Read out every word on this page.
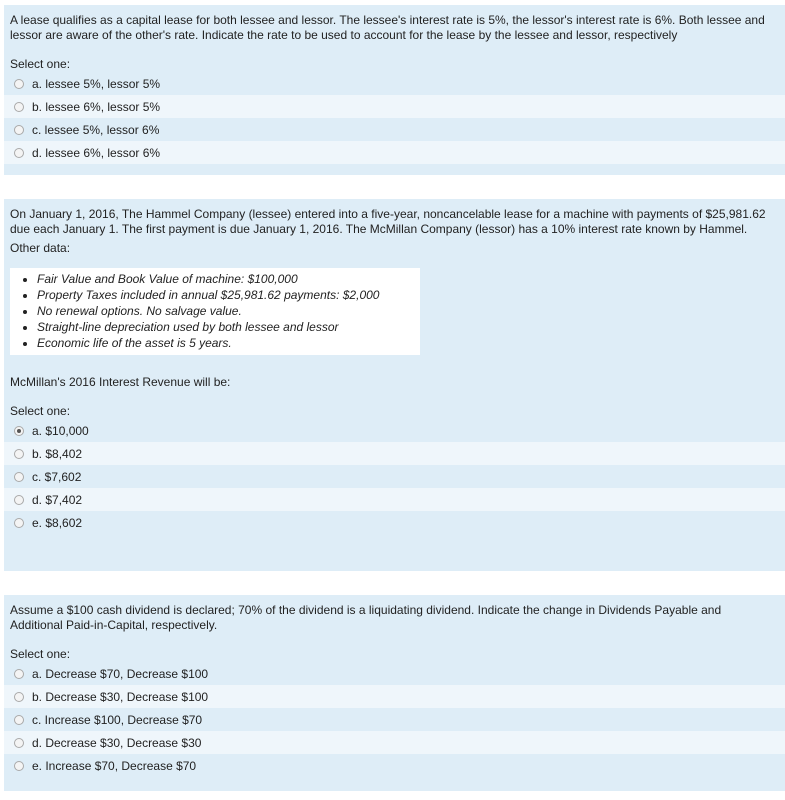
A lease qualifies as a capital lease for both lessee and lessor. The lessee's interest rate is 5%, the lessor's interest rate is 6%. Both lessee and lessor are aware of the other's rate. Indicate the rate to be used to account for the lease by the lessee and lessor, respectively
Select one:
a. lessee 5%, lessor 5%
b. lessee 6%, lessor 5%
c. lessee 5%, lessor 6%
d. lessee 6%, lessor 6%
On January 1, 2016, The Hammel Company (lessee) entered into a five-year, noncancelable lease for a machine with payments of $25,981.62 due each January 1. The first payment is due January 1, 2016. The McMillan Company (lessor) has a 10% interest rate known by Hammel.
Other data:
• Fair Value and Book Value of machine: $100,000
• Property Taxes included in annual $25,981.62 payments: $2,000
• No renewal options. No salvage value.
• Straight-line depreciation used by both lessee and lessor
• Economic life of the asset is 5 years.
McMillan's 2016 Interest Revenue will be:
Select one:
a. $10,000
b. $8,402
c. $7,602
d. $7,402
e. $8,602
Assume a $100 cash dividend is declared; 70% of the dividend is a liquidating dividend. Indicate the change in Dividends Payable and Additional Paid-in-Capital, respectively.
Select one:
a. Decrease $70, Decrease $100
b. Decrease $30, Decrease $100
c. Increase $100, Decrease $70
d. Decrease $30, Decrease $30
e. Increase $70, Decrease $70
